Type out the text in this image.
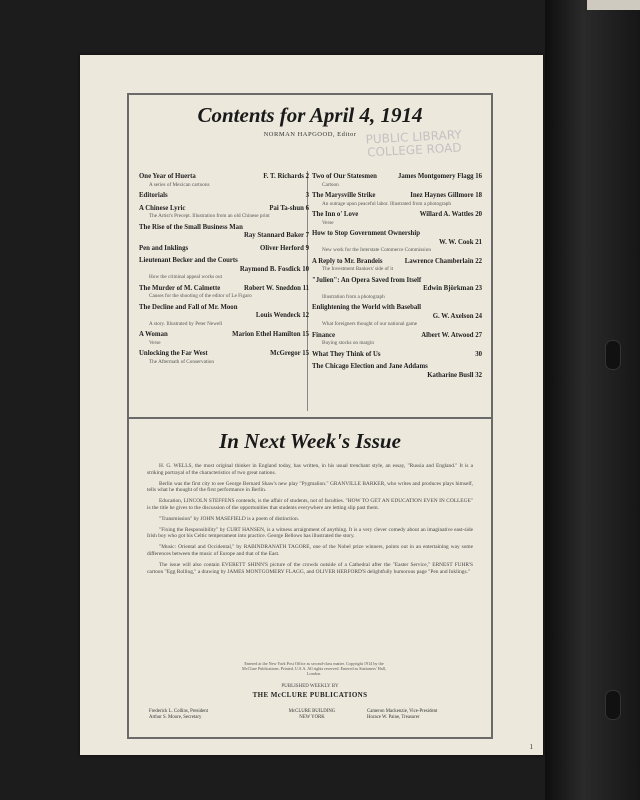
Contents for April 4, 1914
NORMAN HAPGOOD, Editor PUBLIC LIBRARY COLLEGE ROAD
One Year of Huerta	F. T. Richards 2
A series of Mexican cartoons
Editorials	3
A Chinese Lyric	Pai Ta-shun 6
The Artist's Precept. Illustration from an old Chinese print
The Rise of the Small Business Man
Ray Stannard Baker 7
Pen and Inklings	Oliver Herford 9
Lieutenant Becker and the Courts
Raymond B. Fosdick 10
How the criminal appeal works out
The Murder of M. Calmette	Robert W. Sneddon 11
Causes for the shooting of the editor of Le Figaro
The Decline and Fall of Mr. Moon
Louis Wendeck 12
A story. Illustrated by Peter Newell
A Woman	Marion Ethel Hamilton 15
Verse
Unlocking the Far West	McGregor 15
The Aftermath of Conservation
Two of Our Statesmen	James Montgomery Flagg 16
Cartoon
The Marysville Strike	Inez Haynes Gillmore 18
An outrage upon peaceful labor. Illustrated from a photograph
The Inn o' Love	Willard A. Wattles 20
Verse
How to Stop Government Ownership
W. W. Cook 21
New work for the Interstate Commerce Commission
A Reply to Mr. Brandeis	Lawrence Chamberlain 22
The Investment Bankers' side of it
"Julien": An Opera Saved from Itself
Edwin Björkman 23
Illustration from a photograph
Enlightening the World with Baseball
G. W. Axelson 24
What foreigners thought of our national game
Finance	Albert W. Atwood 27
Buying stocks on margin
What They Think of Us	30
The Chicago Election and Jane Addams
Katharine Busll 32
In Next Week's Issue

H. G. WELLS, the most original thinker in England today, has written, in his usual trenchant style, an essay, "Russia and England." It is a striking portrayal of the characteristics of two great nations.

Berlin was the first city to see George Bernard Shaw's new play "Pygmalion." GRANVILLE BARKER, who writes and produces plays himself, tells what he thought of the first performance in Berlin.

Education, LINCOLN STEFFENS contends, is the affair of students, not of faculties. "HOW TO GET AN EDUCATION EVEN IN COLLEGE" is the title he gives to the discussion of the opportunities that students everywhere are letting slip past them.

"Transmission" by JOHN MASEFIELD is a poem of distinction.

"Fixing the Responsibility" by CURT HANSEN, is a witness arraignment of anything. It is a very clever comedy about an imaginative east-side Irish boy who got his Celtic temperament into practice. George Bellows has illustrated the story.

"Music: Oriental and Occidental," by RABINDRANATH TAGORE, one of the Nobel prize winners, points out in an entertaining way some differences between the music of Europe and that of the East.

The issue will also contain EVERETT SHINN'S picture of the crowds outside of a Cathedral after the "Easter Service," ERNEST FUHR'S cartoon "Egg Rolling," a drawing by JAMES MONTGOMERY FLAGG, and OLIVER HERFORD'S delightfully humorous page "Pen and Inklings."

Entered at the New York Post Office as second-class matter. Copyright 1914 by the McClure Publications. Printed, U.S.A. All rights reserved. Entered as Stationers' Hall, London.
PUBLISHED WEEKLY BY
THE McCLURE PUBLICATIONS
Frederick L. Collins, President
Arthur S. Moore, Secretary
McCLURE BUILDING
NEW YORK
Cameron Mackenzie, Vice-President
Horace W. Paine, Treasurer
1
